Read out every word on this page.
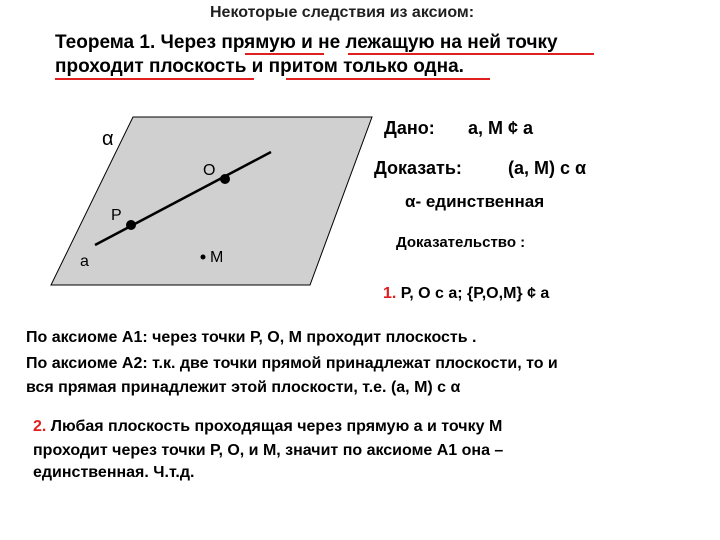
Некоторые следствия из аксиом:
Теорема 1. Через прямую и не лежащую на ней точку
проходит плоскость и притом только одна.
α
О
Р
М
а
Дано: а, М ¢ а
Доказать:	(а, М) с α
α- единственная
Доказательство :
1. Р, О с а; {Р,О,М} ¢ а
По аксиоме А1: через точки Р, О, М проходит плоскость .
По аксиоме А2: т.к. две точки прямой принадлежат плоскости, то и
вся прямая принадлежит этой плоскости, т.е. (а, М) с α
2. Любая плоскость проходящая через прямую а и точку М
проходит через точки Р, О, и М, значит по аксиоме А1 она –
единственная. Ч.т.д.
